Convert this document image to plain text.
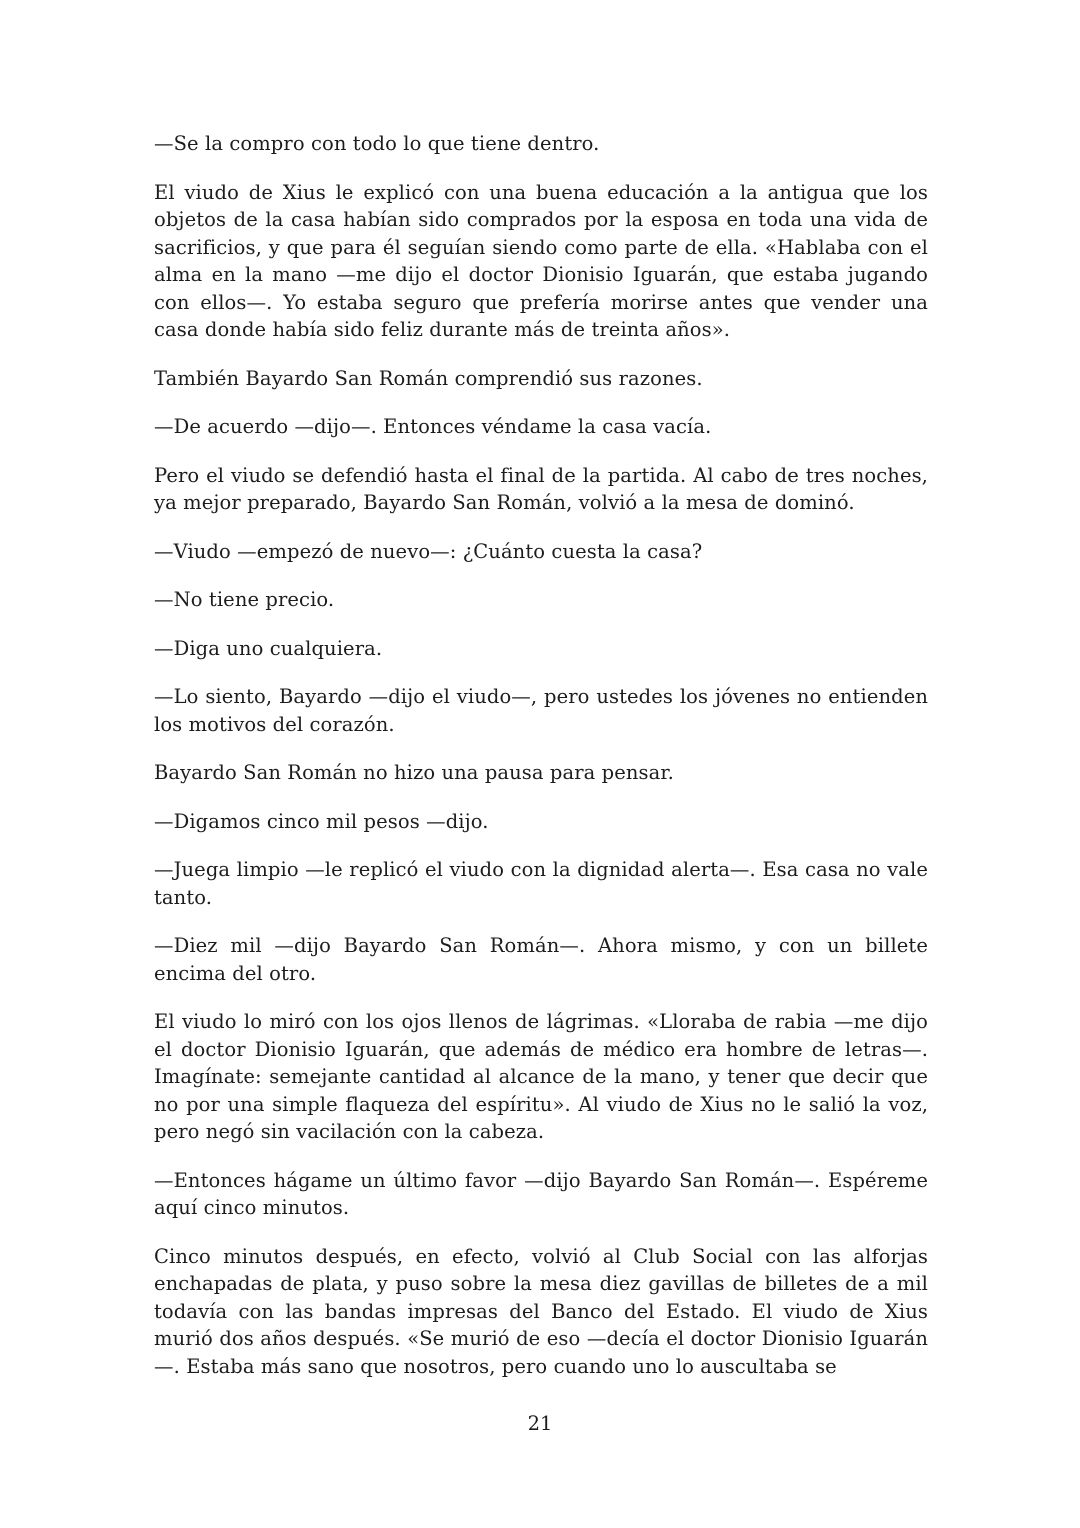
—Se la compro con todo lo que tiene dentro.

El viudo de Xius le explicó con una buena educación a la antigua que los objetos de la casa habían sido comprados por la esposa en toda una vida de sacrificios, y que para él seguían siendo como parte de ella. «Hablaba con el alma en la mano —me dijo el doctor Dionisio Iguarán, que estaba jugando con ellos—. Yo estaba seguro que prefería morirse antes que vender una casa donde había sido feliz durante más de treinta años».

También Bayardo San Román comprendió sus razones.

—De acuerdo —dijo—. Entonces véndame la casa vacía.

Pero el viudo se defendió hasta el final de la partida. Al cabo de tres noches, ya mejor preparado, Bayardo San Román, volvió a la mesa de dominó.

—Viudo —empezó de nuevo—: ¿Cuánto cuesta la casa?

—No tiene precio.

—Diga uno cualquiera.

—Lo siento, Bayardo —dijo el viudo—, pero ustedes los jóvenes no entienden los motivos del corazón.

Bayardo San Román no hizo una pausa para pensar.

—Digamos cinco mil pesos —dijo.

—Juega limpio —le replicó el viudo con la dignidad alerta—. Esa casa no vale tanto.

—Diez mil —dijo Bayardo San Román—. Ahora mismo, y con un billete encima del otro.

El viudo lo miró con los ojos llenos de lágrimas. «Lloraba de rabia —me dijo el doctor Dionisio Iguarán, que además de médico era hombre de letras—. Imagínate: semejante cantidad al alcance de la mano, y tener que decir que no por una simple flaqueza del espíritu». Al viudo de Xius no le salió la voz, pero negó sin vacilación con la cabeza.

—Entonces hágame un último favor —dijo Bayardo San Román—. Espéreme aquí cinco minutos.

Cinco minutos después, en efecto, volvió al Club Social con las alforjas enchapadas de plata, y puso sobre la mesa diez gavillas de billetes de a mil todavía con las bandas impresas del Banco del Estado. El viudo de Xius murió dos años después. «Se murió de eso —decía el doctor Dionisio Iguarán—. Estaba más sano que nosotros, pero cuando uno lo auscultaba se

21
